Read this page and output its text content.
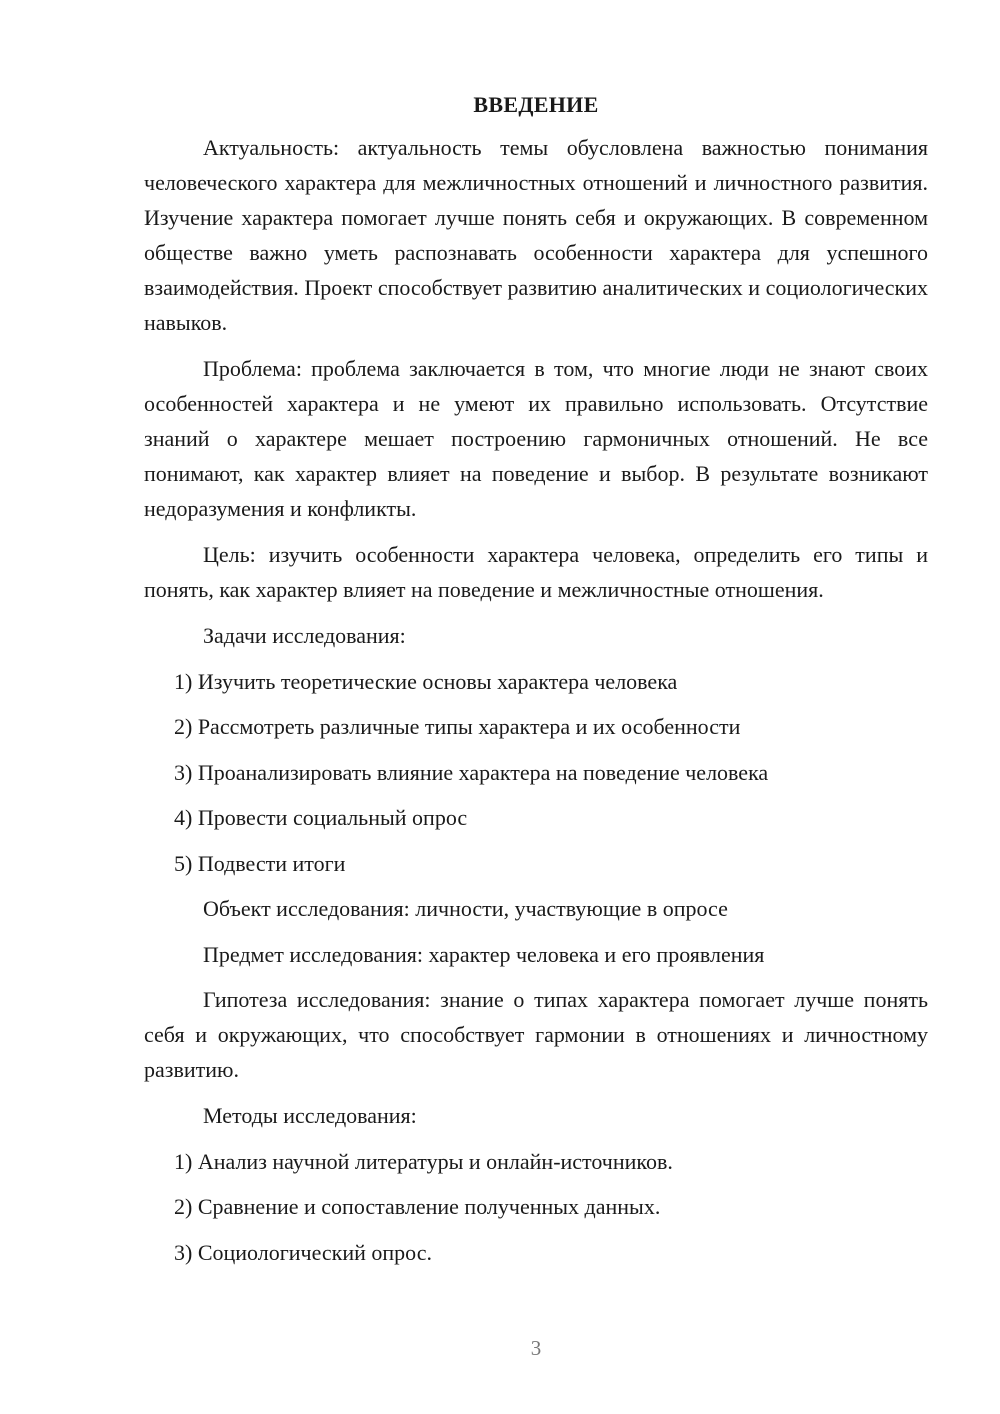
ВВЕДЕНИЕ

Актуальность: актуальность темы обусловлена важностью понимания человеческого характера для межличностных отношений и личностного развития. Изучение характера помогает лучше понять себя и окружающих. В современном обществе важно уметь распознавать особенности характера для успешного взаимодействия. Проект способствует развитию аналитических и социологических навыков.

Проблема: проблема заключается в том, что многие люди не знают своих особенностей характера и не умеют их правильно использовать. Отсутствие знаний о характере мешает построению гармоничных отношений. Не все понимают, как характер влияет на поведение и выбор. В результате возникают недоразумения и конфликты.

Цель: изучить особенности характера человека, определить его типы и понять, как характер влияет на поведение и межличностные отношения.

Задачи исследования:
1) Изучить теоретические основы характера человека
2) Рассмотреть различные типы характера и их особенности
3) Проанализировать влияние характера на поведение человека
4) Провести социальный опрос
5) Подвести итоги
Объект исследования: личности, участвующие в опросе
Предмет исследования: характер человека и его проявления

Гипотеза исследования: знание о типах характера помогает лучше понять себя и окружающих, что способствует гармонии в отношениях и личностному развитию.

Методы исследования:
1) Анализ научной литературы и онлайн-источников.
2) Сравнение и сопоставление полученных данных.
3) Социологический опрос.
3
